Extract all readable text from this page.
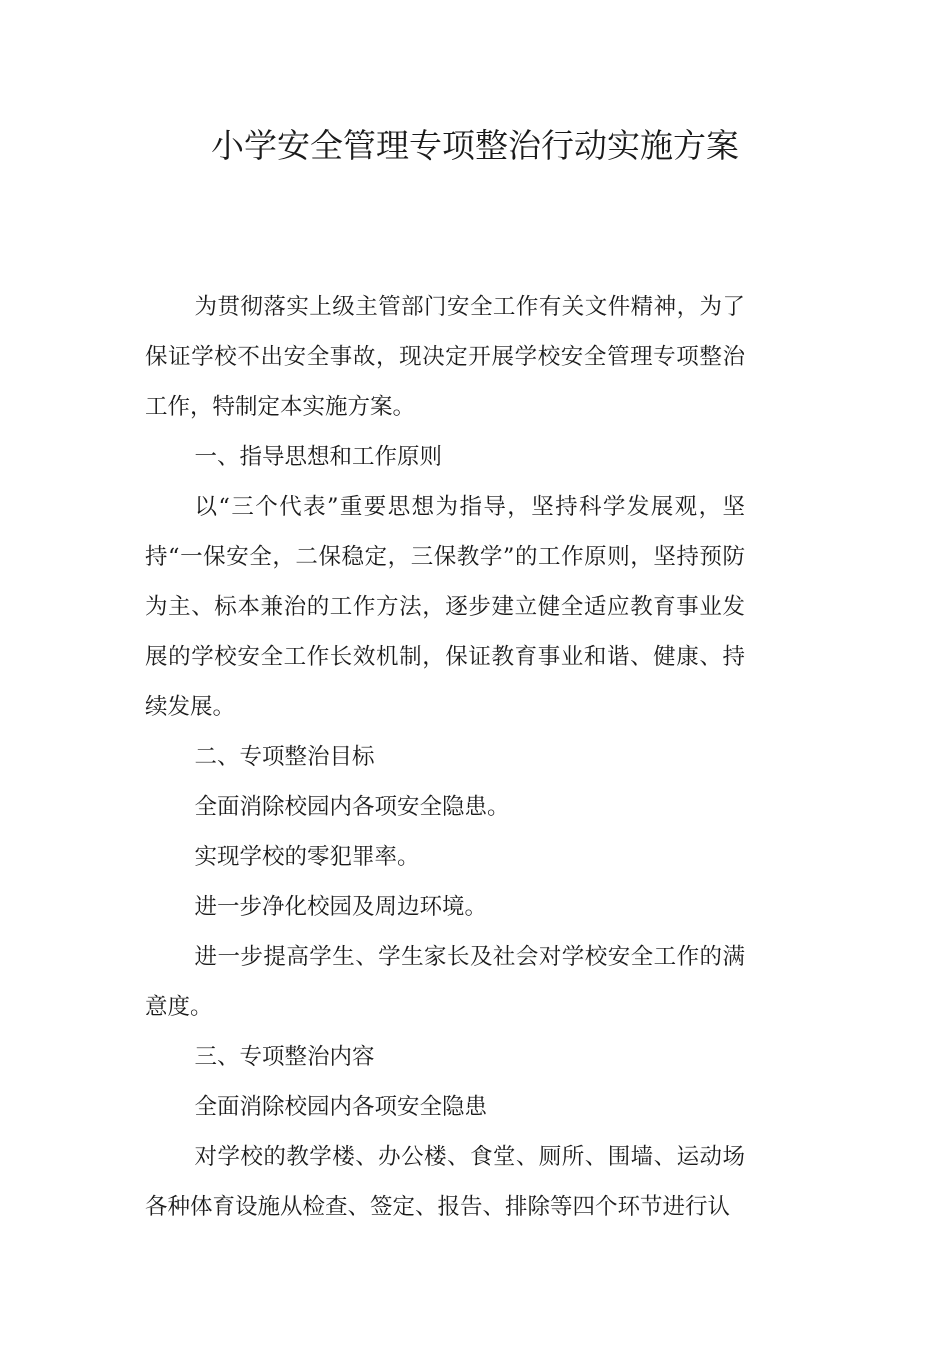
小学安全管理专项整治行动实施方案

为贯彻落实上级主管部门安全工作有关文件精神，为了保证学校不出安全事故，现决定开展学校安全管理专项整治工作，特制定本实施方案。

一、指导思想和工作原则

以“三个代表”重要思想为指导，坚持科学发展观，坚持“一保安全，二保稳定，三保教学”的工作原则，坚持预防为主、标本兼治的工作方法，逐步建立健全适应教育事业发展的学校安全工作长效机制，保证教育事业和谐、健康、持续发展。

二、专项整治目标

全面消除校园内各项安全隐患。

实现学校的零犯罪率。

进一步净化校园及周边环境。

进一步提高学生、学生家长及社会对学校安全工作的满意度。

三、专项整治内容

全面消除校园内各项安全隐患

对学校的教学楼、办公楼、食堂、厕所、围墙、运动场各种体育设施从检查、签定、报告、排除等四个环节进行认
